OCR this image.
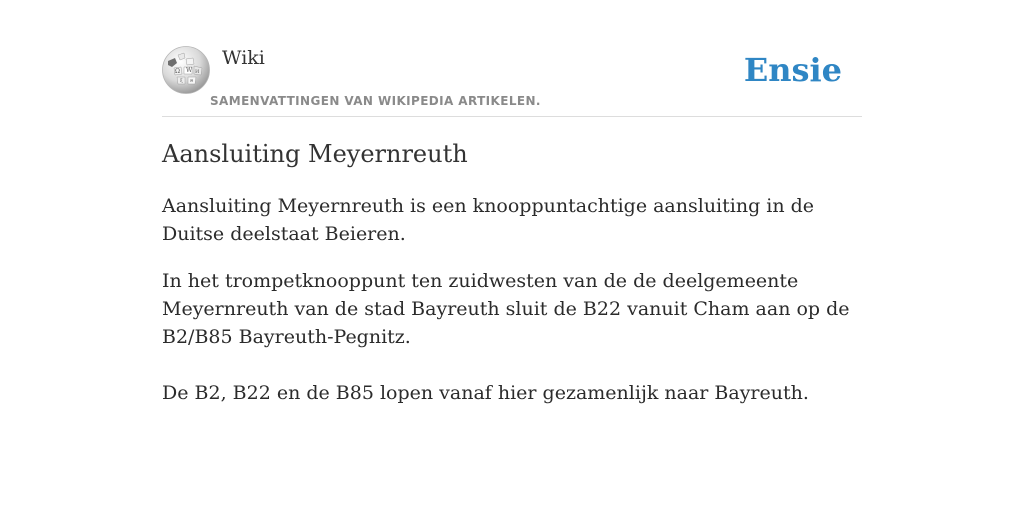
Ω W И
ξ ค
Wiki
SAMENVATTINGEN VAN WIKIPEDIA ARTIKELEN.
Ensie
Aansluiting Meyernreuth

Aansluiting Meyernreuth is een knooppuntachtige aansluiting in de Duitse deelstaat Beieren.

In het trompetknooppunt ten zuidwesten van de de deelgemeente Meyernreuth van de stad Bayreuth sluit de B22 vanuit Cham aan op de B2/B85 Bayreuth-Pegnitz.

De B2, B22 en de B85 lopen vanaf hier gezamenlijk naar Bayreuth.
